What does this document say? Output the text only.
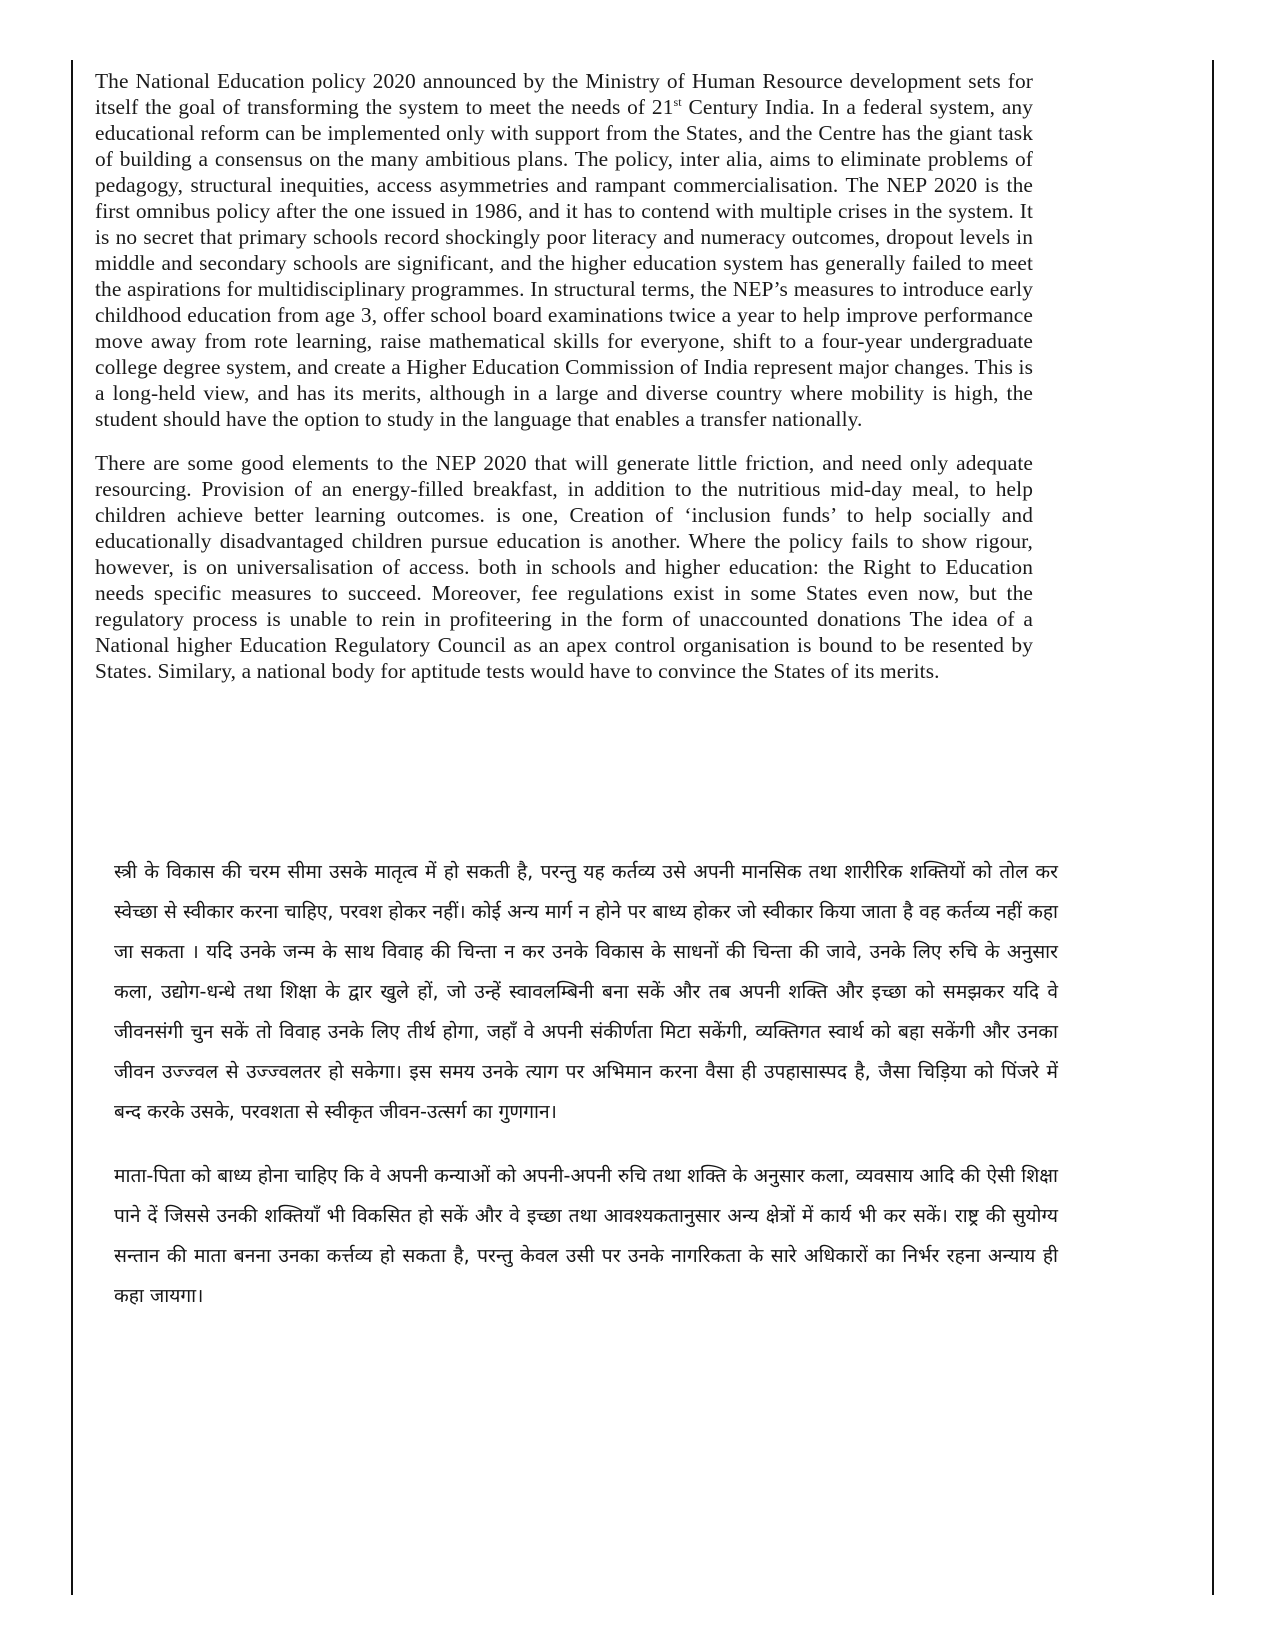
The National Education policy 2020 announced by the Ministry of Human Resource development sets for itself the goal of transforming the system to meet the needs of 21st Century India. In a federal system, any educational reform can be implemented only with support from the States, and the Centre has the giant task of building a consensus on the many ambitious plans. The policy, inter alia, aims to eliminate problems of pedagogy, structural inequities, access asymmetries and rampant commercialisation. The NEP 2020 is the first omnibus policy after the one issued in 1986, and it has to contend with multiple crises in the system. It is no secret that primary schools record shockingly poor literacy and numeracy outcomes, dropout levels in middle and secondary schools are significant, and the higher education system has generally failed to meet the aspirations for multidisciplinary programmes. In structural terms, the NEP’s measures to introduce early childhood education from age 3, offer school board examinations twice a year to help improve performance move away from rote learning, raise mathematical skills for everyone, shift to a four-year undergraduate college degree system, and create a Higher Education Commission of India represent major changes. This is a long-held view, and has its merits, although in a large and diverse country where mobility is high, the student should have the option to study in the language that enables a transfer nationally.

There are some good elements to the NEP 2020 that will generate little friction, and need only adequate resourcing. Provision of an energy-filled breakfast, in addition to the nutritious mid-day meal, to help children achieve better learning outcomes. is one, Creation of ‘inclusion funds’ to help socially and educationally disadvantaged children pursue education is another. Where the policy fails to show rigour, however, is on universalisation of access. both in schools and higher education: the Right to Education needs specific measures to succeed. Moreover, fee regulations exist in some States even now, but the regulatory process is unable to rein in profiteering in the form of unaccounted donations The idea of a National higher Education Regulatory Council as an apex control organisation is bound to be resented by States. Similary, a national body for aptitude tests would have to convince the States of its merits.

स्त्री के विकास की चरम सीमा उसके मातृत्व में हो सकती है, परन्तु यह कर्तव्य उसे अपनी मानसिक तथा शारीरिक शक्तियों को तोल कर स्वेच्छा से स्वीकार करना चाहिए, परवश होकर नहीं। कोई अन्य मार्ग न होने पर बाध्य होकर जो स्वीकार किया जाता है वह कर्तव्य नहीं कहा जा सकता । यदि उनके जन्म के साथ विवाह की चिन्ता न कर उनके विकास के साधनों की चिन्ता की जावे, उनके लिए रुचि के अनुसार कला, उद्योग-धन्धे तथा शिक्षा के द्वार खुले हों, जो उन्हें स्वावलम्बिनी बना सकें और तब अपनी शक्ति और इच्छा को समझकर यदि वे जीवनसंगी चुन सकें तो विवाह उनके लिए तीर्थ होगा, जहाँ वे अपनी संकीर्णता मिटा सकेंगी, व्यक्तिगत स्वार्थ को बहा सकेंगी और उनका जीवन उज्ज्वल से उज्ज्वलतर हो सकेगा। इस समय उनके त्याग पर अभिमान करना वैसा ही उपहासास्पद है, जैसा चिड़िया को पिंजरे में बन्द करके उसके, परवशता से स्वीकृत जीवन-उत्सर्ग का गुणगान।

माता-पिता को बाध्य होना चाहिए कि वे अपनी कन्याओं को अपनी-अपनी रुचि तथा शक्ति के अनुसार कला, व्यवसाय आदि की ऐसी शिक्षा पाने दें जिससे उनकी शक्तियाँ भी विकसित हो सकें और वे इच्छा तथा आवश्यकतानुसार अन्य क्षेत्रों में कार्य भी कर सकें। राष्ट्र की सुयोग्य सन्तान की माता बनना उनका कर्त्तव्य हो सकता है, परन्तु केवल उसी पर उनके नागरिकता के सारे अधिकारों का निर्भर रहना अन्याय ही कहा जायगा।
